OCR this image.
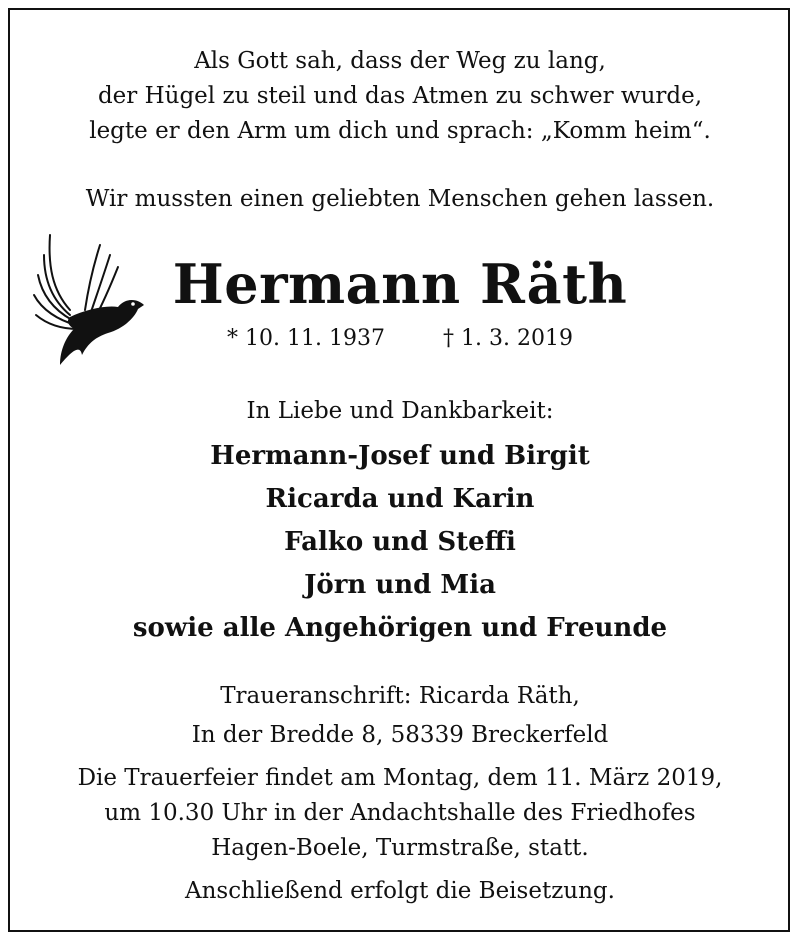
Als Gott sah, dass der Weg zu lang,
der Hügel zu steil und das Atmen zu schwer wurde,
legte er den Arm um dich und sprach: „Komm heim“.
Wir mussten einen geliebten Menschen gehen lassen.
Hermann Räth
* 10. 11. 1937	† 1. 3. 2019
In Liebe und Dankbarkeit:
Hermann-Josef und Birgit
Ricarda und Karin
Falko und Steffi
Jörn und Mia
sowie alle Angehörigen und Freunde
Traueranschrift: Ricarda Räth,
In der Bredde 8, 58339 Breckerfeld
Die Trauerfeier findet am Montag, dem 11. März 2019,
um 10.30 Uhr in der Andachtshalle des Friedhofes
Hagen-Boele, Turmstraße, statt.
Anschließend erfolgt die Beisetzung.
